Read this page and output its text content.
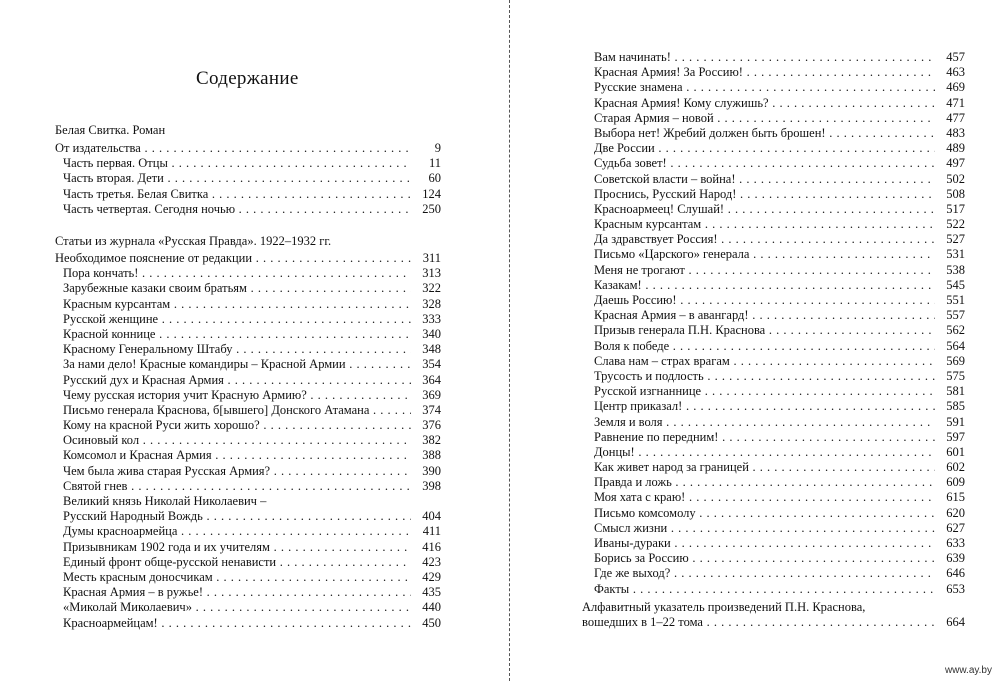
Содержание
Белая Свитка. Роман
От издательства . . .	9
Часть первая. Отцы . . .	11
Часть вторая. Дети . . .	60
Часть третья. Белая Свитка . . .	124
Часть четвертая. Сегодня ночью . . .	250
Статьи из журнала «Русская Правда». 1922–1932 гг.
Необходимое пояснение от редакции . . .	311
Пора кончать! . . .	313
Зарубежные казаки своим братьям . . .	322
Красным курсантам . . .	328
Русской женщине . . .	333
Красной коннице . . .	340
Красному Генеральному Штабу . . .	348
За нами дело! Красные командиры – Красной Армии . . .	354
Русский дух и Красная Армия . . .	364
Чему русская история учит Красную Армию? . . .	369
Письмо генерала Краснова, б[ывшего] Донского Атамана . . .	374
Кому на красной Руси жить хорошо? . . .	376
Осиновый кол . . .	382
Комсомол и Красная Армия . . .	388
Чем была жива старая Русская Армия? . . .	390
Святой гнев . . .	398
Великий князь Николай Николаевич –
Русский Народный Вождь . . .	404
Думы красноармейца . . .	411
Призывникам 1902 года и их учителям . . .	416
Единый фронт обще-русской ненависти . . .	423
Месть красным доносчикам . . .	429
Красная Армия – в ружье! . . .	435
«Миколай Миколаевич» . . .	440
Красноармейцам! . . .	450
Вам начинать! . . .	457
Красная Армия! За Россию! . . .	463
Русские знамена . . .	469
Красная Армия! Кому служишь? . . .	471
Старая Армия – новой . . .	477
Выбора нет! Жребий должен быть брошен! . . .	483
Две России . . .	489
Судьба зовет! . . .	497
Советской власти – война! . . .	502
Проснись, Русский Народ! . . .	508
Красноармеец! Слушай! . . .	517
Красным курсантам . . .	522
Да здравствует Россия! . . .	527
Письмо «Царского» генерала . . .	531
Меня не трогают . . .	538
Казакам! . . .	545
Даешь Россию! . . .	551
Красная Армия – в авангард! . . .	557
Призыв генерала П.Н. Краснова . . .	562
Воля к победе . . .	564
Слава нам – страх врагам . . .	569
Трусость и подлость . . .	575
Русской изгнаннице . . .	581
Центр приказал! . . .	585
Земля и воля . . .	591
Равнение по передним! . . .	597
Донцы! . . .	601
Как живет народ за границей . . .	602
Правда и ложь . . .	609
Моя хата с краю! . . .	615
Письмо комсомолу . . .	620
Смысл жизни . . .	627
Иваны-дураки . . .	633
Борись за Россию . . .	639
Где же выход? . . .	646
Факты . . .	653
Алфавитный указатель произведений П.Н. Краснова,
вошедших в 1–22 тома . . .	664
www.ay.by
